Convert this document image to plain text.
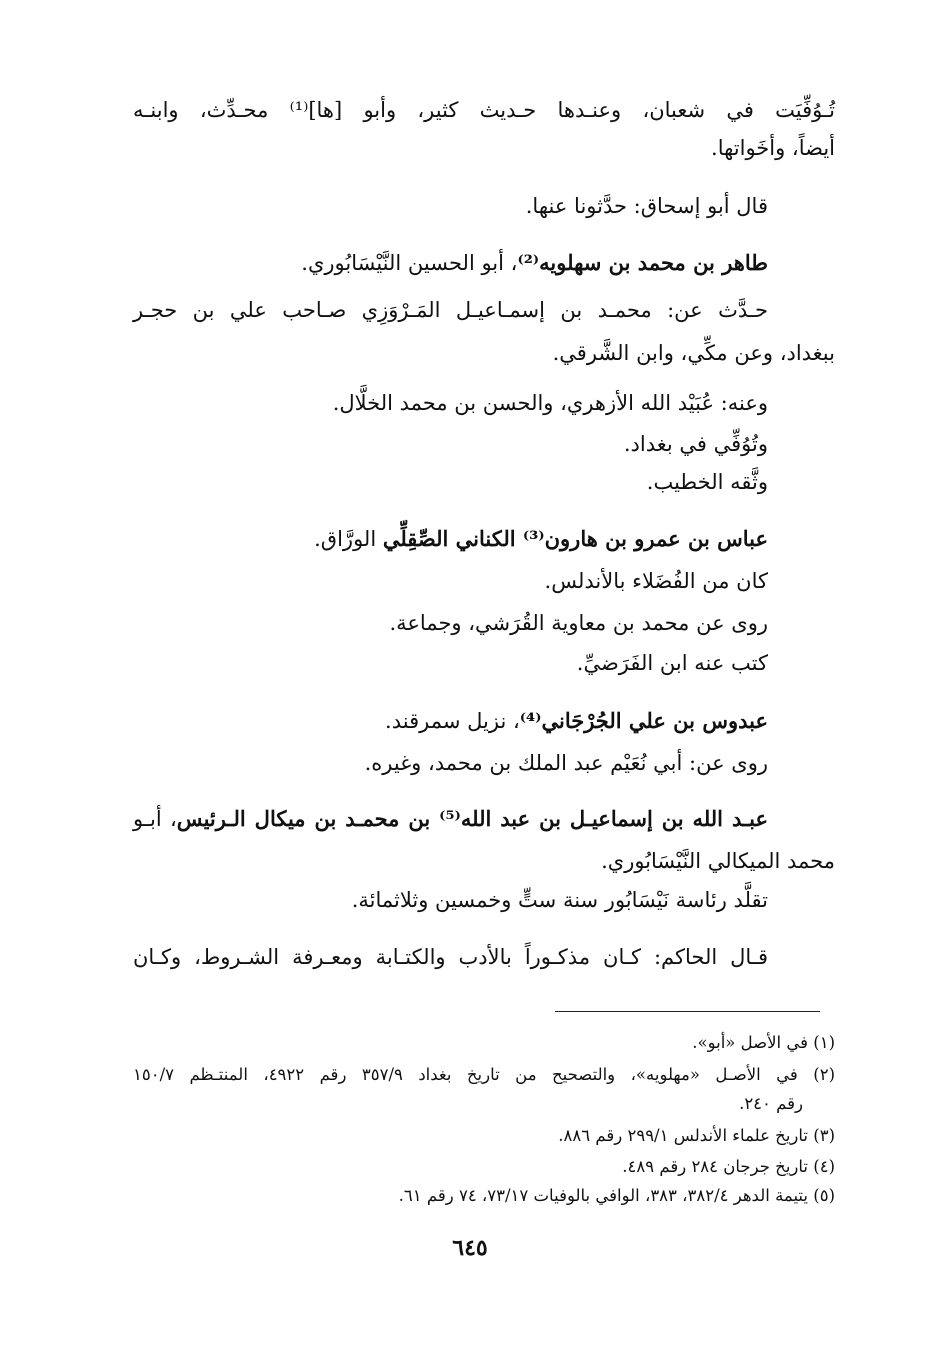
تُـوُفِّيَت في شعبان، وعنـدها حـديث كثير، وأبو [ها]⁽¹⁾ محـدِّث، وابنـه
أيضاً، وأخَواتها.
قال أبو إسحاق: حدَّثونا عنها.
طاهر بن محمد بن سهلويه⁽²⁾، أبو الحسين النَّيْسَابُوري.
حـدَّث عن: محمـد بن إسمـاعيـل المَـرْوَزِي صـاحب علي بن حجـر
ببغداد، وعن مكِّي، وابن الشَّرقي.
وعنه: عُبَيْد الله الأزهري، والحسن بن محمد الخلَّال.
وتُوُفِّي في بغداد.
وثَّقه الخطيب.
عباس بن عمرو بن هارون⁽³⁾ الكناني الصِّقِلِّي الورَّاق.
كان من الفُضَلاء بالأندلس.
روى عن محمد بن معاوية القُرَشي، وجماعة.
كتب عنه ابن الفَرَضيِّ.
عبدوس بن علي الجُرْجَاني⁽⁴⁾، نزيل سمرقند.
روى عن: أبي نُعَيْم عبد الملك بن محمد، وغيره.
عبـد الله بن إسماعيـل بن عبد الله⁽⁵⁾ بن محمـد بن ميكال الـرئيس، أبـو
محمد الميكالي النَّيْسَابُوري.
تقلَّد رئاسة نَيْسَابُور سنة ستٍّ وخمسين وثلاثمائة.
قـال الحاكم: كـان مذكـوراً بالأدب والكتـابة ومعـرفة الشـروط، وكـان
(١) في الأصل «أبو».
(٢) في الأصـل «مهلويه»، والتصحيح من تاريخ بغداد ٣٥٧/٩ رقم ٤٩٢٢، المنتـظم ١٥٠/٧
رقم ٢٤٠.
(٣) تاريخ علماء الأندلس ٢٩٩/١ رقم ٨٨٦.
(٤) تاريخ جرجان ٢٨٤ رقم ٤٨٩.
(٥) يتيمة الدهر ٣٨٢/٤، ٣٨٣، الوافي بالوفيات ٧٣/١٧، ٧٤ رقم ٦١.
٦٤٥
